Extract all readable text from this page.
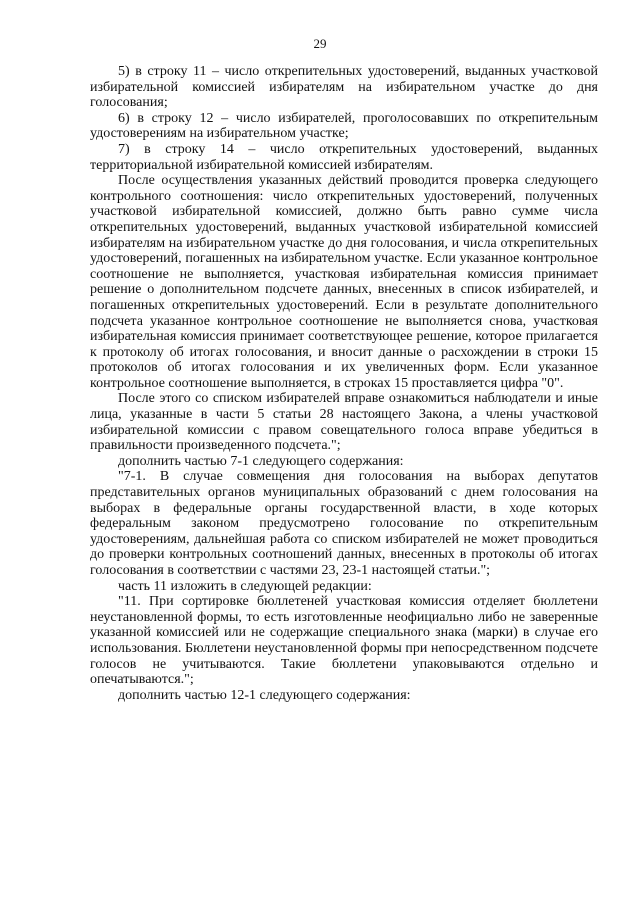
29

5) в строку 11 – число открепительных удостоверений, выданных участковой избирательной комиссией избирателям на избирательном участке до дня голосования;

6) в строку 12 – число избирателей, проголосовавших по открепительным удостоверениям на избирательном участке;

7) в строку 14 – число открепительных удостоверений, выданных территориальной избирательной комиссией избирателям.

После осуществления указанных действий проводится проверка следующего контрольного соотношения: число открепительных удостоверений, полученных участковой избирательной комиссией, должно быть равно сумме числа открепительных удостоверений, выданных участковой избирательной комиссией избирателям на избирательном участке до дня голосования, и числа открепительных удостоверений, погашенных на избирательном участке. Если указанное контрольное соотношение не выполняется, участковая избирательная комиссия принимает решение о дополнительном подсчете данных, внесенных в список избирателей, и погашенных открепительных удостоверений. Если в результате дополнительного подсчета указанное контрольное соотношение не выполняется снова, участковая избирательная комиссия принимает соответствующее решение, которое прилагается к протоколу об итогах голосования, и вносит данные о расхождении в строки 15 протоколов об итогах голосования и их увеличенных форм. Если указанное контрольное соотношение выполняется, в строках 15 проставляется цифра "0".

После этого со списком избирателей вправе ознакомиться наблюдатели и иные лица, указанные в части 5 статьи 28 настоящего Закона, а члены участковой избирательной комиссии с правом совещательного голоса вправе убедиться в правильности произведенного подсчета.";

дополнить частью 7-1 следующего содержания:

"7-1. В случае совмещения дня голосования на выборах депутатов представительных органов муниципальных образований с днем голосования на выборах в федеральные органы государственной власти, в ходе которых федеральным законом предусмотрено голосование по открепительным удостоверениям, дальнейшая работа со списком избирателей не может проводиться до проверки контрольных соотношений данных, внесенных в протоколы об итогах голосования в соответствии с частями 23, 23-1 настоящей статьи.";

часть 11 изложить в следующей редакции:

"11. При сортировке бюллетеней участковая комиссия отделяет бюллетени неустановленной формы, то есть изготовленные неофициально либо не заверенные указанной комиссией или не содержащие специального знака (марки) в случае его использования. Бюллетени неустановленной формы при непосредственном подсчете голосов не учитываются. Такие бюллетени упаковываются отдельно и опечатываются.";

дополнить частью 12-1 следующего содержания:
